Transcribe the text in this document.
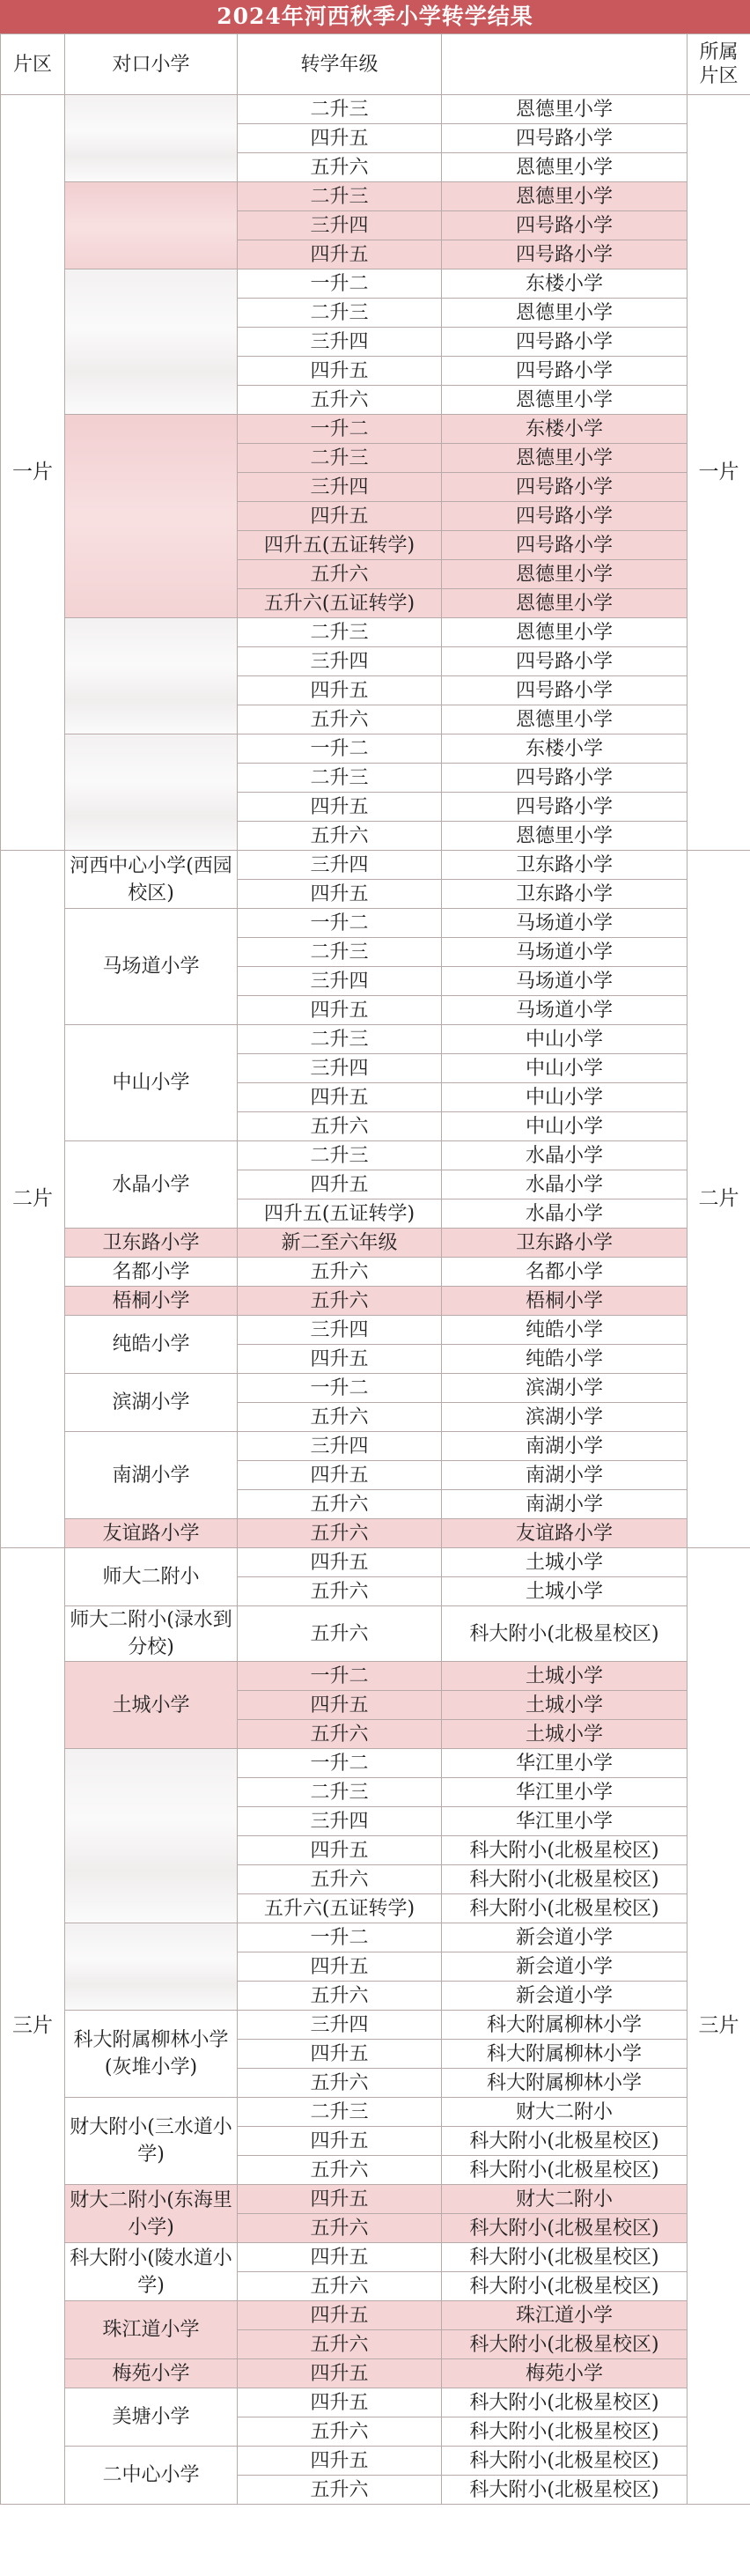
2024年河西秋季小学转学结果
片区	对口小学	转学年级		所属
片区
一片		二升三	恩德里小学	一片
		四升五	四号路小学	
		五升六	恩德里小学	
		二升三	恩德里小学	
		三升四	四号路小学	
		四升五	四号路小学	
		一升二	东楼小学	
		二升三	恩德里小学	
		三升四	四号路小学	
		四升五	四号路小学	
		五升六	恩德里小学	
		一升二	东楼小学	
		二升三	恩德里小学	
		三升四	四号路小学	
		四升五	四号路小学	
		四升五(五证转学)	四号路小学	
		五升六	恩德里小学	
		五升六(五证转学)	恩德里小学	
		二升三	恩德里小学	
		三升四	四号路小学	
		四升五	四号路小学	
		五升六	恩德里小学	
		一升二	东楼小学	
		二升三	四号路小学	
		四升五	四号路小学	
		五升六	恩德里小学	
二片	河西中心小学(西园校区)	三升四	卫东路小学	二片
		四升五	卫东路小学	
	马场道小学	一升二	马场道小学	
		二升三	马场道小学	
		三升四	马场道小学	
		四升五	马场道小学	
	中山小学	二升三	中山小学	
		三升四	中山小学	
		四升五	中山小学	
		五升六	中山小学	
	水晶小学	二升三	水晶小学	
		四升五	水晶小学	
		四升五(五证转学)	水晶小学	
	卫东路小学	新二至六年级	卫东路小学	
	名都小学	五升六	名都小学	
	梧桐小学	五升六	梧桐小学	
	纯皓小学	三升四	纯皓小学	
		四升五	纯皓小学	
	滨湖小学	一升二	滨湖小学	
		五升六	滨湖小学	
	南湖小学	三升四	南湖小学	
		四升五	南湖小学	
		五升六	南湖小学	
	友谊路小学	五升六	友谊路小学	
三片	师大二附小	四升五	土城小学	三片
		五升六	土城小学	
	师大二附小(渌水到分校)	五升六	科大附小(北极星校区)	
	土城小学	一升二	土城小学	
		四升五	土城小学	
		五升六	土城小学	
		一升二	华江里小学	
		二升三	华江里小学	
		三升四	华江里小学	
		四升五	科大附小(北极星校区)	
		五升六	科大附小(北极星校区)	
		五升六(五证转学)	科大附小(北极星校区)	
		一升二	新会道小学	
		四升五	新会道小学	
		五升六	新会道小学	
	科大附属柳林小学(灰堆小学)	三升四	科大附属柳林小学	
		四升五	科大附属柳林小学	
		五升六	科大附属柳林小学	
	财大附小(三水道小学)	二升三	财大二附小	
		四升五	科大附小(北极星校区)	
		五升六	科大附小(北极星校区)	
	财大二附小(东海里小学)	四升五	财大二附小	
		五升六	科大附小(北极星校区)	
	科大附小(陵水道小学)	四升五	科大附小(北极星校区)	
		五升六	科大附小(北极星校区)	
	珠江道小学	四升五	珠江道小学	
		五升六	科大附小(北极星校区)	
	梅苑小学	四升五	梅苑小学	
	美塘小学	四升五	科大附小(北极星校区)	
		五升六	科大附小(北极星校区)	
	二中心小学	四升五	科大附小(北极星校区)	
		五升六	科大附小(北极星校区)	
